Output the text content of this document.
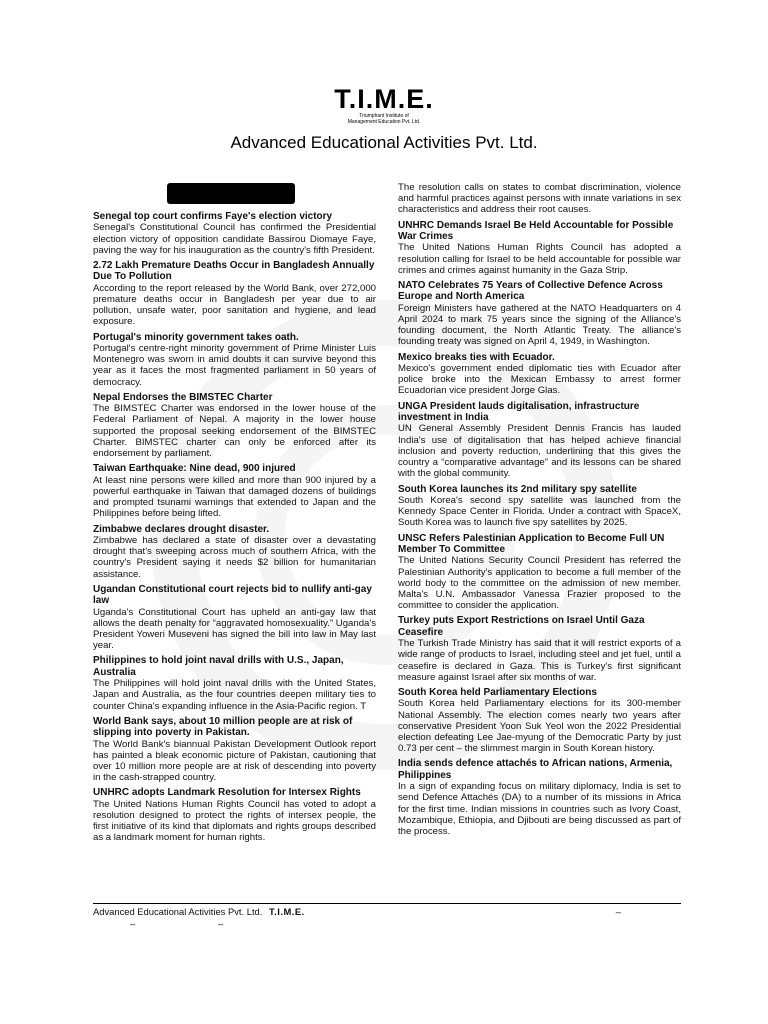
T.I.M.E.
Triumphant Institute of
Management Education Pvt. Ltd.
Advanced Educational Activities Pvt. Ltd.
Senegal top court confirms Faye's election victory

Senegal's Constitutional Council has confirmed the Presidential election victory of opposition candidate Bassirou Diomaye Faye, paving the way for his inauguration as the country's fifth President.

2.72 Lakh Premature Deaths Occur in Bangladesh Annually Due To Pollution

According to the report released by the World Bank, over 272,000 premature deaths occur in Bangladesh per year due to air pollution, unsafe water, poor sanitation and hygiene, and lead exposure.

Portugal's minority government takes oath.

Portugal's centre-right minority government of Prime Minister Luis Montenegro was sworn in amid doubts it can survive beyond this year as it faces the most fragmented parliament in 50 years of democracy.

Nepal Endorses the BIMSTEC Charter

The BIMSTEC Charter was endorsed in the lower house of the Federal Parliament of Nepal. A majority in the lower house supported the proposal seeking endorsement of the BIMSTEC Charter. BIMSTEC charter can only be enforced after its endorsement by parliament.

Taiwan Earthquake: Nine dead, 900 injured

At least nine persons were killed and more than 900 injured by a powerful earthquake in Taiwan that damaged dozens of buildings and prompted tsunami warnings that extended to Japan and the Philippines before being lifted.

Zimbabwe declares drought disaster.

Zimbabwe has declared a state of disaster over a devastating drought that's sweeping across much of southern Africa, with the country's President saying it needs $2 billion for humanitarian assistance.

Ugandan Constitutional court rejects bid to nullify anti-gay law

Uganda's Constitutional Court has upheld an anti-gay law that allows the death penalty for “aggravated homosexuality.” Uganda's President Yoweri Museveni has signed the bill into law in May last year.

Philippines to hold joint naval drills with U.S., Japan, Australia

The Philippines will hold joint naval drills with the United States, Japan and Australia, as the four countries deepen military ties to counter China's expanding influence in the Asia-Pacific region. T

World Bank says, about 10 million people are at risk of slipping into poverty in Pakistan.

The World Bank's biannual Pakistan Development Outlook report has painted a bleak economic picture of Pakistan, cautioning that over 10 million more people are at risk of descending into poverty in the cash-strapped country.

UNHRC adopts Landmark Resolution for Intersex Rights

The United Nations Human Rights Council has voted to adopt a resolution designed to protect the rights of intersex people, the first initiative of its kind that diplomats and rights groups described as a landmark moment for human rights.

The resolution calls on states to combat discrimination, violence and harmful practices against persons with innate variations in sex characteristics and address their root causes.

UNHRC Demands Israel Be Held Accountable for Possible War Crimes

The United Nations Human Rights Council has adopted a resolution calling for Israel to be held accountable for possible war crimes and crimes against humanity in the Gaza Strip.

NATO Celebrates 75 Years of Collective Defence Across Europe and North America

Foreign Ministers have gathered at the NATO Headquarters on 4 April 2024 to mark 75 years since the signing of the Alliance's founding document, the North Atlantic Treaty. The alliance's founding treaty was signed on April 4, 1949, in Washington.

Mexico breaks ties with Ecuador.

Mexico's government ended diplomatic ties with Ecuador after police broke into the Mexican Embassy to arrest former Ecuadorian vice president Jorge Glas.

UNGA President lauds digitalisation, infrastructure investment in India

UN General Assembly President Dennis Francis has lauded India's use of digitalisation that has helped achieve financial inclusion and poverty reduction, underlining that this gives the country a “comparative advantage” and its lessons can be shared with the global community.

South Korea launches its 2nd military spy satellite

South Korea's second spy satellite was launched from the Kennedy Space Center in Florida. Under a contract with SpaceX, South Korea was to launch five spy satellites by 2025.

UNSC Refers Palestinian Application to Become Full UN Member To Committee

The United Nations Security Council President has referred the Palestinian Authority's application to become a full member of the world body to the committee on the admission of new member. Malta's U.N. Ambassador Vanessa Frazier proposed to the committee to consider the application.

Turkey puts Export Restrictions on Israel Until Gaza Ceasefire

The Turkish Trade Ministry has said that it will restrict exports of a wide range of products to Israel, including steel and jet fuel, until a ceasefire is declared in Gaza. This is Turkey's first significant measure against Israel after six months of war.

South Korea held Parliamentary Elections

South Korea held Parliamentary elections for its 300-member National Assembly. The election comes nearly two years after conservative President Yoon Suk Yeol won the 2022 Presidential election defeating Lee Jae-myung of the Democratic Party by just 0.73 per cent – the slimmest margin in South Korean history.

India sends defence attachés to African nations, Armenia, Philippines

In a sign of expanding focus on military diplomacy, India is set to send Defence Attachés (DA) to a number of its missions in Africa for the first time. Indian missions in countries such as Ivory Coast, Mozambique, Ethiopia, and Djibouti are being discussed as part of the process.

Advanced Educational Activities Pvt. Ltd. T.I.M.E.	–
–	–
